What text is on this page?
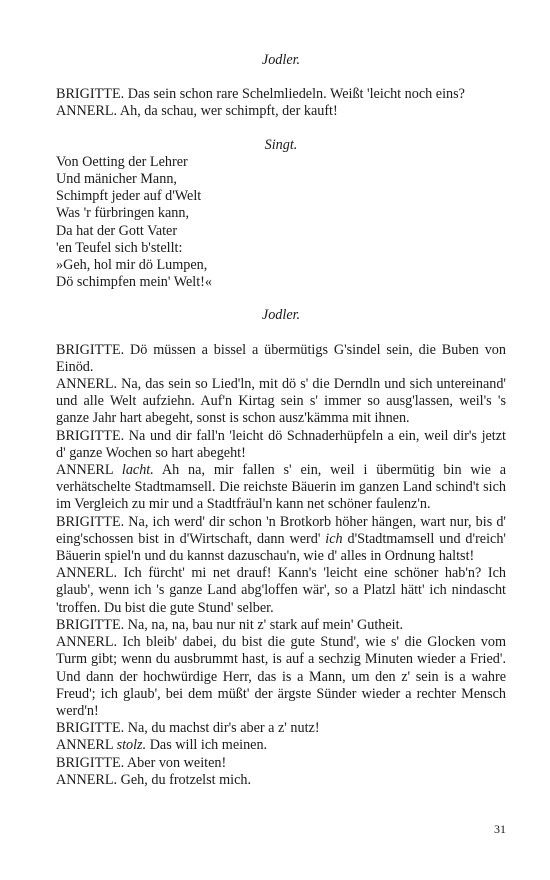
Jodler.

BRIGITTE. Das sein schon rare Schelmliedeln. Weißt 'leicht noch eins?

ANNERL. Ah, da schau, wer schimpft, der kauft!

Singt.
Von Oetting der Lehrer
Und mänicher Mann,
Schimpft jeder auf d'Welt
Was 'r fürbringen kann,
Da hat der Gott Vater
'en Teufel sich b'stellt:
»Geh, hol mir dö Lumpen,
Dö schimpfen mein' Welt!«
Jodler.

BRIGITTE. Dö müssen a bissel a übermütigs G'sindel sein, die Buben von Einöd.

ANNERL. Na, das sein so Lied'ln, mit dö s' die Derndln und sich untereinand' und alle Welt aufziehn. Auf'n Kirtag sein s' immer so ausg'lassen, weil's 's ganze Jahr hart abegeht, sonst is schon ausz'kämma mit ihnen.

BRIGITTE. Na und dir fall'n 'leicht dö Schnaderhüpfeln a ein, weil dir's jetzt d' ganze Wochen so hart abegeht!

ANNERL lacht. Ah na, mir fallen s' ein, weil i übermütig bin wie a verhätschelte Stadtmamsell. Die reichste Bäuerin im ganzen Land schind't sich im Vergleich zu mir und a Stadtfräul'n kann net schöner faulenz'n.

BRIGITTE. Na, ich werd' dir schon 'n Brotkorb höher hängen, wart nur, bis d' eing'schossen bist in d'Wirtschaft, dann werd' ich d'Stadtmamsell und d'reich' Bäuerin spiel'n und du kannst dazuschau'n, wie d' alles in Ordnung haltst!

ANNERL. Ich fürcht' mi net drauf! Kann's 'leicht eine schöner hab'n? Ich glaub', wenn ich 's ganze Land abg'loffen wär', so a Platzl hätt' ich nindascht 'troffen. Du bist die gute Stund' selber.

BRIGITTE. Na, na, na, bau nur nit z' stark auf mein' Gutheit.

ANNERL. Ich bleib' dabei, du bist die gute Stund', wie s' die Glocken vom Turm gibt; wenn du ausbrummt hast, is auf a sechzig Minuten wieder a Fried'. Und dann der hochwürdige Herr, das is a Mann, um den z' sein is a wahre Freud'; ich glaub', bei dem müßt' der ärgste Sünder wieder a rechter Mensch werd'n!

BRIGITTE. Na, du machst dir's aber a z' nutz!

ANNERL stolz. Das will ich meinen.

BRIGITTE. Aber von weiten!

ANNERL. Geh, du frotzelst mich.

31
